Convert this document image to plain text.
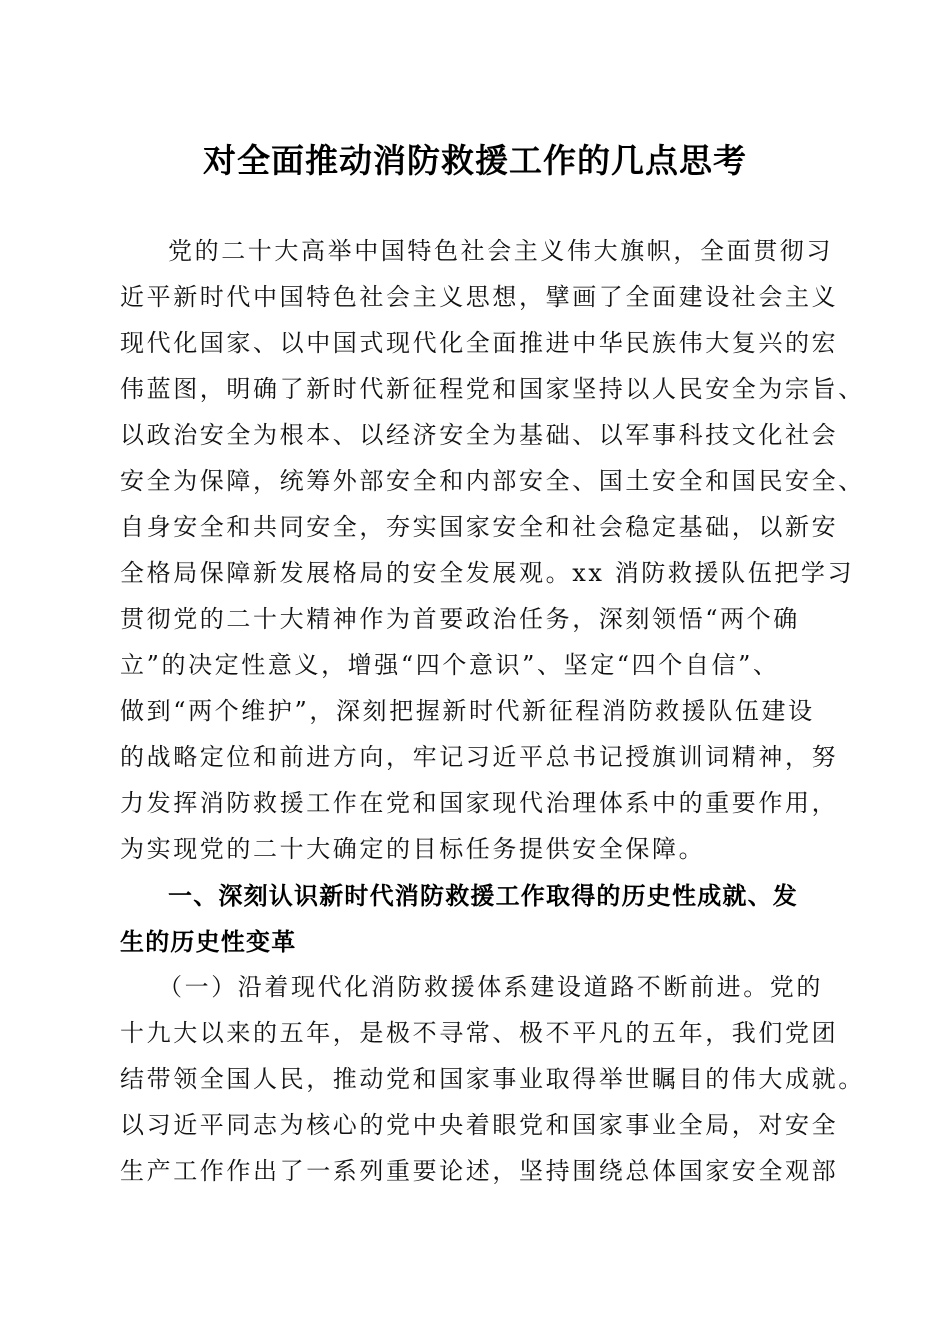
对全面推动消防救援工作的几点思考
党的二十大高举中国特色社会主义伟大旗帜，全面贯彻习
近平新时代中国特色社会主义思想，擘画了全面建设社会主义
现代化国家、以中国式现代化全面推进中华民族伟大复兴的宏
伟蓝图，明确了新时代新征程党和国家坚持以人民安全为宗旨、
以政治安全为根本、以经济安全为基础、以军事科技文化社会
安全为保障，统筹外部安全和内部安全、国土安全和国民安全、
自身安全和共同安全，夯实国家安全和社会稳定基础，以新安
全格局保障新发展格局的安全发展观。xx 消防救援队伍把学习
贯彻党的二十大精神作为首要政治任务，深刻领悟“两个确
立”的决定性意义，增强“四个意识”、坚定“四个自信”、
做到“两个维护”，深刻把握新时代新征程消防救援队伍建设
的战略定位和前进方向，牢记习近平总书记授旗训词精神，努
力发挥消防救援工作在党和国家现代治理体系中的重要作用，
为实现党的二十大确定的目标任务提供安全保障。
一、深刻认识新时代消防救援工作取得的历史性成就、发
生的历史性变革
（一）沿着现代化消防救援体系建设道路不断前进。党的
十九大以来的五年，是极不寻常、极不平凡的五年，我们党团
结带领全国人民，推动党和国家事业取得举世瞩目的伟大成就。
以习近平同志为核心的党中央着眼党和国家事业全局，对安全
生产工作作出了一系列重要论述，坚持围绕总体国家安全观部
